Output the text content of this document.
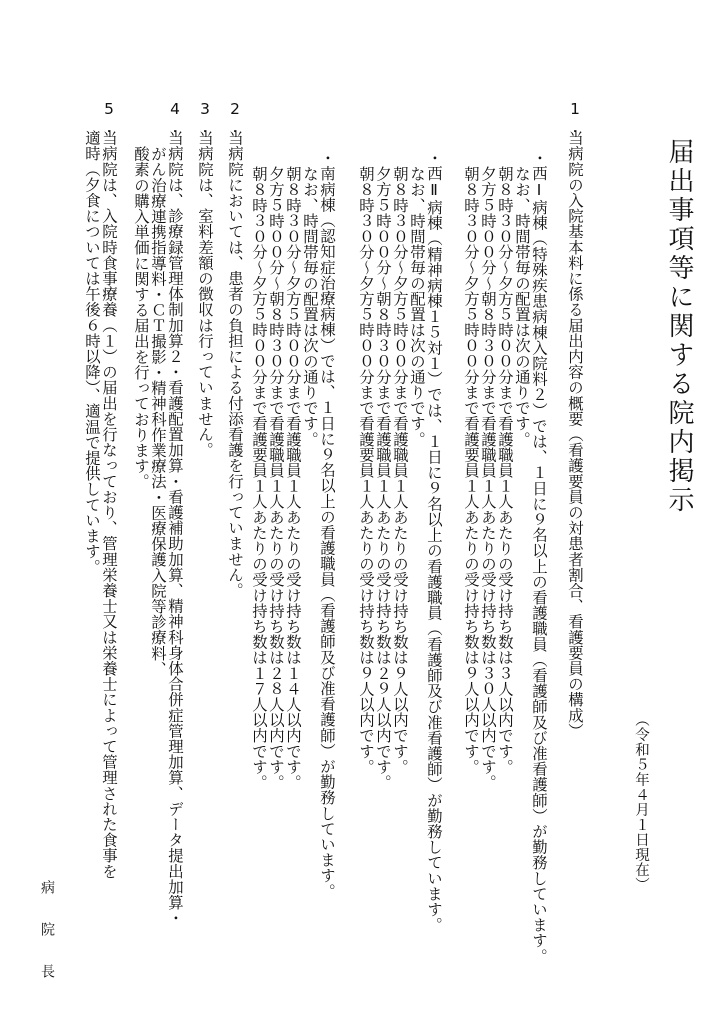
届出事項等に関する院内掲示

（令和５年４月１日現在）

1.

当病院の入院基本料に係る届出内容の概要（看護要員の対患者割合、看護要員の構成）

・西Ⅰ病棟（特殊疾患病棟入院料２）では、１日に９名以上の看護職員（看護師及び准看護師）が勤務しています。

なお、時間帯毎の配置は次の通りです。

朝８時３０分～夕方５時００分まで看護職員１人あたりの受け持ち数は３人以内です。

夕方５時００分～朝８時３０分まで看護職員１人あたりの受け持ち数は３０人以内です。

朝８時３０分～夕方５時００分まで看護要員１人あたりの受け持ち数は９人以内です。

・西Ⅱ病棟（精神病棟１５対１）では、１日に９名以上の看護職員（看護師及び准看護師）が勤務しています。

なお、時間帯毎の配置は次の通りです。

朝８時３０分～夕方５時００分まで看護職員１人あたりの受け持ち数は９人以内です。

夕方５時００分～朝８時３０分まで看護職員１人あたりの受け持ち数は２９人以内です。

朝８時３０分～夕方５時００分まで看護要員１人あたりの受け持ち数は９人以内です。

・南病棟（認知症治療病棟）では、１日に９名以上の看護職員（看護師及び准看護師）が勤務しています。

なお、時間帯毎の配置は次の通りです。

朝８時３０分～夕方５時００分まで看護職員１人あたりの受け持ち数は１４人以内です。

夕方５時００分～朝８時３０分まで看護職員１人あたりの受け持ち数は２８人以内です。

朝８時３０分～夕方５時００分まで看護要員１人あたりの受け持ち数は１７人以内です。

2.

当病院においては、患者の負担による付添看護を行っていません。

3.

当病院は、室料差額の徴収は行っていません。

4.

当病院は、診療録管理体制加算２・看護配置加算・看護補助加算、精神科身体合併症管理加算、データ提出加算・

がん治療連携指導料・ＣＴ撮影・精神科作業療法・医療保護入院等診療料、

酸素の購入単価に関する届出を行っております。

5.

当病院は、入院時食事療養（１）の届出を行なっており、管理栄養士又は栄養士によって管理された食事を

適時（夕食については午後６時以降）、適温で提供しています。

病　　院　　長
